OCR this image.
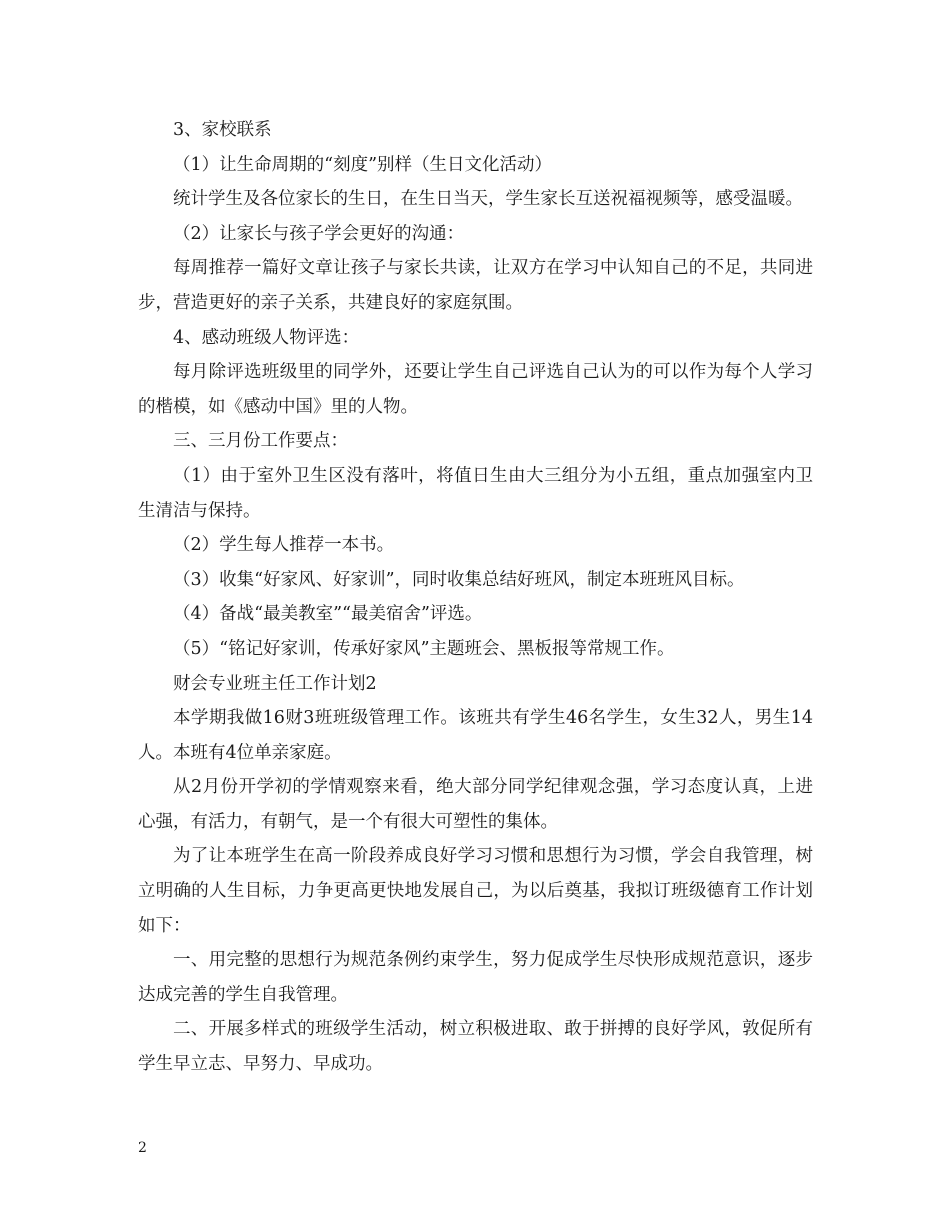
3、家校联系

（1）让生命周期的“刻度”别样（生日文化活动）

统计学生及各位家长的生日，在生日当天，学生家长互送祝福视频等，感受温暖。

（2）让家长与孩子学会更好的沟通：

每周推荐一篇好文章让孩子与家长共读，让双方在学习中认知自己的不足，共同进步，营造更好的亲子关系，共建良好的家庭氛围。

4、感动班级人物评选：

每月除评选班级里的同学外，还要让学生自己评选自己认为的可以作为每个人学习的楷模，如《感动中国》里的人物。

三、三月份工作要点：

（1）由于室外卫生区没有落叶，将值日生由大三组分为小五组，重点加强室内卫生清洁与保持。

（2）学生每人推荐一本书。

（3）收集“好家风、好家训”，同时收集总结好班风，制定本班班风目标。

（4）备战“最美教室”“最美宿舍”评选。

（5）“铭记好家训，传承好家风”主题班会、黑板报等常规工作。

财会专业班主任工作计划2

本学期我做16财3班班级管理工作。该班共有学生46名学生，女生32人，男生14人。本班有4位单亲家庭。

从2月份开学初的学情观察来看，绝大部分同学纪律观念强，学习态度认真，上进心强，有活力，有朝气，是一个有很大可塑性的集体。

为了让本班学生在高一阶段养成良好学习习惯和思想行为习惯，学会自我管理，树立明确的人生目标，力争更高更快地发展自己，为以后奠基，我拟订班级德育工作计划如下：

一、用完整的思想行为规范条例约束学生，努力促成学生尽快形成规范意识，逐步达成完善的学生自我管理。

二、开展多样式的班级学生活动，树立积极进取、敢于拼搏的良好学风，敦促所有学生早立志、早努力、早成功。

2
